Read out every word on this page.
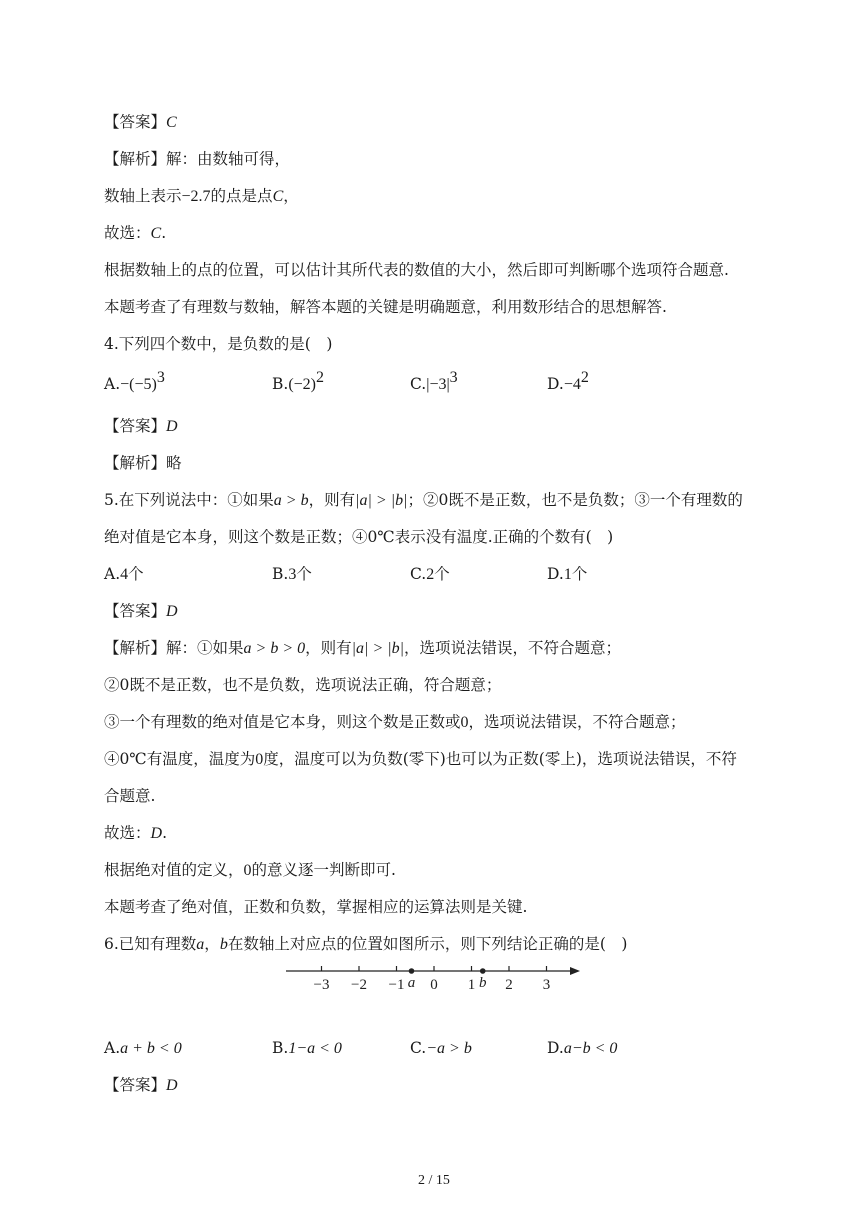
【答案】C
【解析】解：由数轴可得，
数轴上表示−2.7的点是点C，
故选：C.
根据数轴上的点的位置，可以估计其所代表的数值的大小，然后即可判断哪个选项符合题意.
本题考查了有理数与数轴，解答本题的关键是明确题意，利用数形结合的思想解答.
4.下列四个数中，是负数的是(　)
$A.-(-5)^3$	$B.(-2)^2$	$C.|-3|^3$	$D.-4^2$
【答案】D
【解析】略
5.在下列说法中：①如果a > b，则有|a| > |b|；②0既不是正数，也不是负数；③一个有理数的
绝对值是它本身，则这个数是正数；④0℃表示没有温度.正确的个数有(　)
A.4个	B.3个	C.2个	D.1个
【答案】D
【解析】解：①如果a > b > 0，则有|a| > |b|，选项说法错误，不符合题意；
②0既不是正数，也不是负数，选项说法正确，符合题意；
③一个有理数的绝对值是它本身，则这个数是正数或0，选项说法错误，不符合题意；
④0℃有温度，温度为0度，温度可以为负数(零下)也可以为正数(零上)，选项说法错误，不符
合题意.
故选：D.
根据绝对值的定义，0的意义逐一判断即可.
本题考查了绝对值，正数和负数，掌握相应的运算法则是关键.
6.已知有理数a，b在数轴上对应点的位置如图所示，则下列结论正确的是(　)
−3 −2 −1 0 1 2 3
a	b
A.a + b < 0	B.1−a < 0	C.−a > b	D.a−b < 0
【答案】D
2 / 15
